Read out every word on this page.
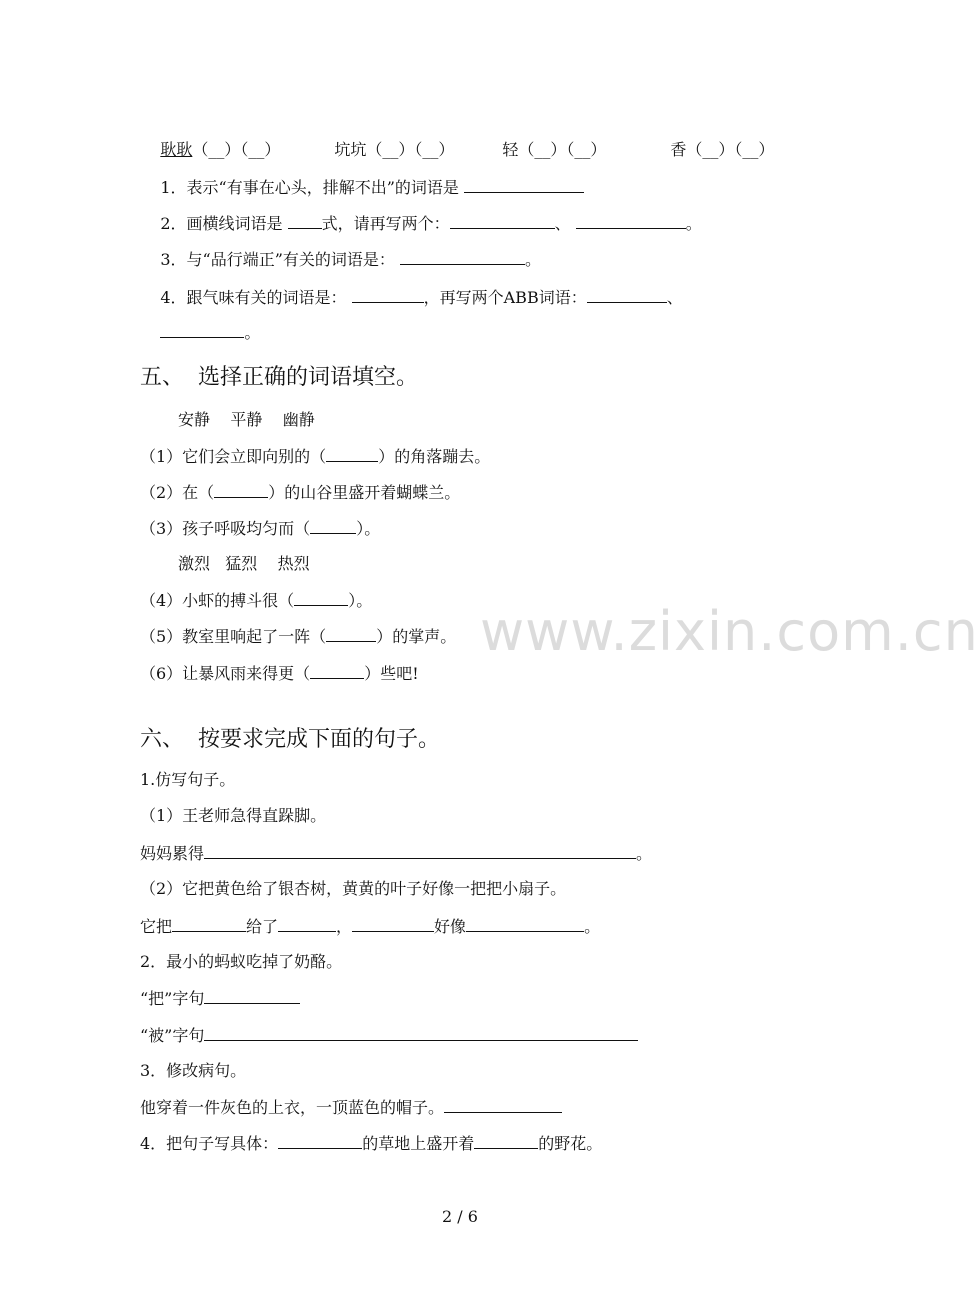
耿耿（__）（__）
	坑坑（__）（__）
	轻（__）（__）
	香（__）（__）

1．表示“有事在心头，排解不出”的词语是

2．画横线词语是 式，请再写两个：	、	。

3．与“品行端正”有关的词语是：	。

4．跟气味有关的词语是：	，再写两个ABB词语：	、

。

五、  选择正确的词语填空。
安静    平静    幽静
（1）它们会立即向别的（	）的角落蹦去。
（2）在（	）的山谷里盛开着蝴蝶兰。
（3）孩子呼吸均匀而（	）。
激烈   猛烈    热烈
（4）小虾的搏斗很（	）。
（5）教室里响起了一阵（	）的掌声。
（6）让暴风雨来得更（	）些吧!
六、  按要求完成下面的句子。
1.仿写句子。
（1）王老师急得直跺脚。
妈妈累得	。
（2）它把黄色给了银杏树，黄黄的叶子好像一把把小扇子。
它把	给了	，	好像	。
2．最小的蚂蚁吃掉了奶酪。
“把”字句
“被”字句
3．修改病句。
他穿着一件灰色的上衣，一顶蓝色的帽子。
4．把句子写具体：	的草地上盛开着	的野花。
www.zixin.com.cn
2 / 6
